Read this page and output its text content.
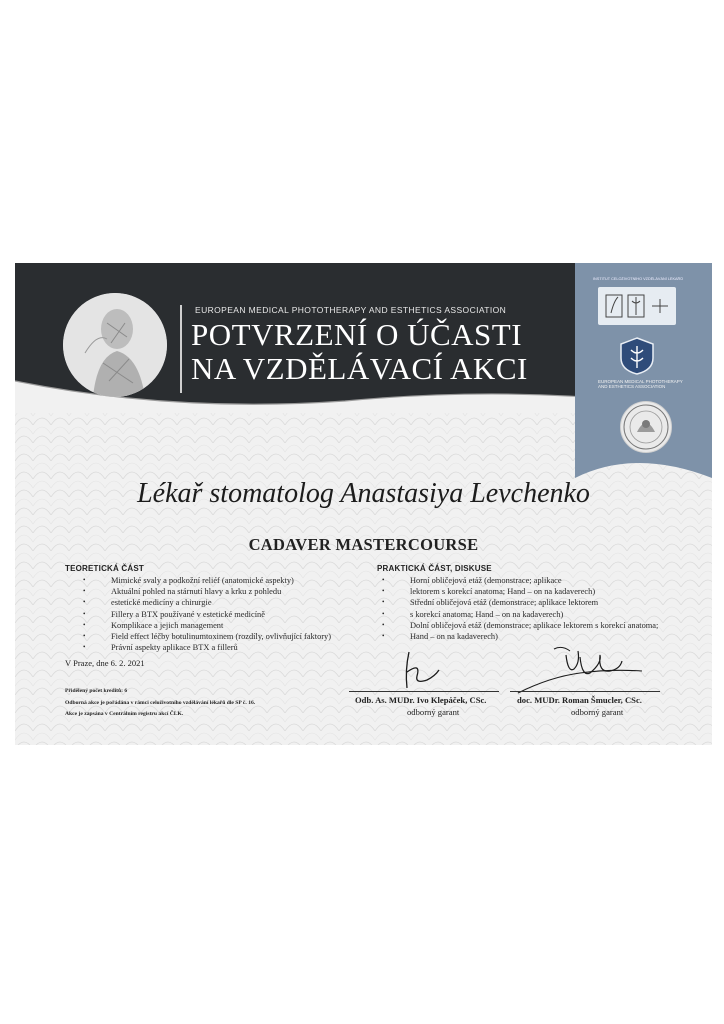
EUROPEAN MEDICAL PHOTOTHERAPY AND ESTHETICS ASSOCIATION
POTVRZENÍ O ÚČASTI
NA VZDĚLÁVACÍ AKCI
INSTITUT CELOŽIVOTNÍHO VZDĚLÁVÁNÍ LÉKAŘŮ
EUROPEAN MEDICAL PHOTOTHERAPY AND ESTHETICS ASSOCIATION
Lékař stomatolog Anastasiya Levchenko
CADAVER MASTERCOURSE
TEORETICKÁ ČÁST
• Mimické svaly a podkožní reliéf (anatomické aspekty)
• Aktuální pohled na stárnutí hlavy a krku z pohledu
• estetické medicíny a chirurgie
• Fillery a BTX používané v estetické medicíně
• Komplikace a jejich management
• Field effect léčby botulinumtoxinem (rozdíly, ovlivňující faktory)
• Právní aspekty aplikace BTX a fillerů
PRAKTICKÁ ČÁST, DISKUSE
• Horní obličejová etáž (demonstrace; aplikace
• lektorem s korekcí anatoma; Hand – on na kadaverech)
• Střední obličejová etáž (demonstrace; aplikace lektorem
• s korekcí anatoma; Hand – on na kadaverech)
• Dolní obličejová etáž (demonstrace; aplikace lektorem s korekcí anatoma;
• Hand – on na kadaverech)
V Praze, dne 6. 2. 2021
Přidělený počet kreditů: 6
Odborná akce je pořádána v rámci celoživotního vzdělávání lékařů dle SP č. 16.
Akce je zapsána v Centrálním registru akcí ČLK.
Odb. As. MUDr. Ivo Klepáček, CSc.
odborný garant
doc. MUDr. Roman Šmucler, CSc.
odborný garant
